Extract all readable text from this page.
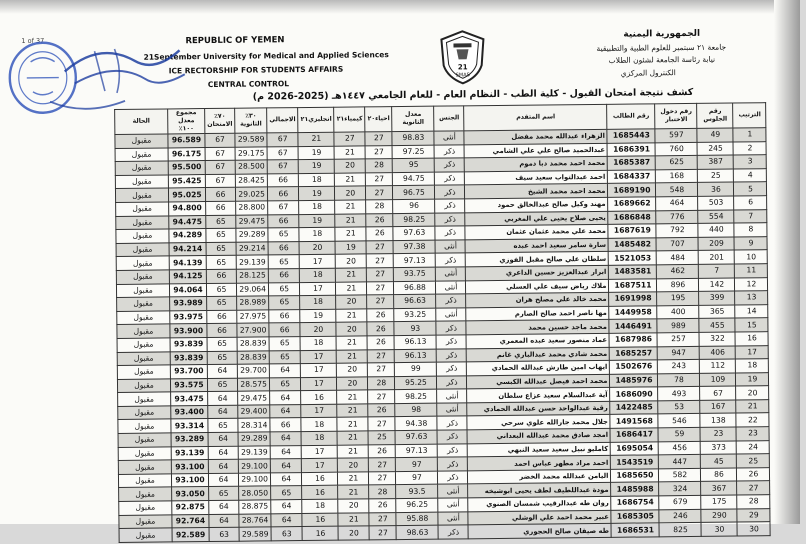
1 of 37	REPUBLIC OF YEMEN
21September University for Medical and Applied Sciences
ICE RECTORSHIP FOR STUDENTS AFFAIRS
CENTRAL CONTROL
الجمهورية اليمنية
جامعة ٢١ سبتمبر للعلوم الطبية والتطبيقية
نيابة رئاسة الجامعة لشئون الطلاب
الكنترول المركزي
21
SMAS
كشف نتيجة امتحان القبول - كلية الطب - النظام العام - للعام الجامعي ١٤٤٧هـ (2025-2026 م)
الترتيب	رقم الجلوس	رقم دخول الاختبار	رقم الطالب	اسم المتقدم	الجنس	معدل الثانوية	احياء٢٠	كيمياء٢١	انجليزي٢١	الاجمالي	٣٠٪ الثانوية	٧٠٪ الامتحان	مجموع معدل ١٠٠٪	الحالة
1	49	597	1685443	الزهراء عبدالله محمد مفضل	أنثى	98.83	27	27	21	67	29.589	67	96.589	مقبول
2	245	760	1686391	عبدالحميد صالح علي علي الشامي	ذكر	97.25	27	21	19	67	29.175	67	96.175	مقبول
3	387	625	1685387	محمد احمد محمد دبا دموم	ذكر	95	28	20	19	67	28.500	67	95.500	مقبول
4	25	168	1684337	احمد عبدالتواب سعيد سيف	ذكر	94.75	27	21	18	66	28.425	67	95.425	مقبول
5	36	548	1689190	محمد احمد محمد الشيخ	ذكر	96.75	27	20	19	66	29.025	66	95.025	مقبول
6	503	464	1689662	مهند وكيل صالح عبدالخالق حمود	ذكر	96	28	21	18	67	28.800	66	94.800	مقبول
7	554	776	1686848	يحيى صلاح يحيى علي المغربي	ذكر	98.25	26	21	19	66	29.475	65	94.475	مقبول
8	440	792	1687619	محمد علي محمد عثمان عثمان	ذكر	97.63	26	21	18	65	29.289	65	94.289	مقبول
9	209	707	1485482	سارة سامر سعيد احمد عبده	أنثى	97.38	27	19	20	66	29.214	65	94.214	مقبول
10	201	484	1521053	سلطان علي صالح مقبل الفوزي	ذكر	97.13	27	20	17	65	29.139	65	94.139	مقبول
11	7	462	1483581	ابرار عبدالعزيز حسين الداعري	أنثى	93.75	27	21	18	66	28.125	66	94.125	مقبول
12	142	896	1687511	ملاك رياض سيف علي العسلي	أنثى	96.88	27	21	17	65	29.064	65	94.064	مقبول
13	399	195	1691998	محمد خالد علي مصلح هران	ذكر	96.63	27	20	18	65	28.989	65	93.989	مقبول
14	365	400	1449958	مها ناصر احمد صالح الصارم	أنثى	93.25	26	21	19	66	27.975	66	93.975	مقبول
15	455	989	1446491	محمد ماجد حسين محمد	ذكر	93	26	20	20	66	27.900	66	93.900	مقبول
16	322	257	1687986	عماد منصور سعيد عبده المعمري	ذكر	96.13	26	21	18	65	28.839	65	93.839	مقبول
17	406	947	1685257	محمد شادي محمد عبدالباري غانم	ذكر	96.13	27	21	17	65	28.839	65	93.839	مقبول
18	112	243	1502676	ايهاب امين طارش عبدالله الحمادي	ذكر	99	27	20	17	64	29.700	64	93.700	مقبول
19	109	78	1485976	محمد احمد فيصل عبدالله الكبسي	ذكر	95.25	28	20	17	65	28.575	65	93.575	مقبول
20	67	493	1686090	آية عبدالسلام سعيد عزاع سلطان	أنثى	98.25	27	21	16	64	29.475	64	93.475	مقبول
21	167	53	1422485	رقية عبدالواحد حسن عبدالله الحمادي	أنثى	98	26	21	17	64	29.400	64	93.400	مقبول
22	138	546	1491568	جلال محمد جارالله علوي سرحي	ذكر	94.38	27	21	18	66	28.314	65	93.314	مقبول
23	23	59	1686417	امجد صادق محمد عبدالله البعداني	ذكر	97.63	25	21	18	64	29.289	64	93.289	مقبول
24	373	456	1695054	كامليو نبيل سعيد سعيد النبهي	ذكر	97.13	26	21	17	64	29.139	64	93.139	مقبول
25	45	447	1543519	احمد مراد مطهر عباس احمد	ذكر	97	27	20	17	64	29.100	64	93.100	مقبول
26	86	582	1685650	اليامن عبدالله محمد الخضر	ذكر	97	27	21	16	64	29.100	64	93.100	مقبول
27	367	324	1485988	مودة عبداللطيف لطف يحيى ابوشيخه	أنثى	93.5	28	21	16	65	28.050	65	93.050	مقبول
28	175	679	1686754	روان طه عبدالرقيب شمسان الصنوي	أنثى	96.25	26	20	18	64	28.875	64	92.875	مقبول
29	290	246	1685305	عبير محمد احمد علي الوشلي	أنثى	95.88	27	21	16	64	28.764	64	92.764	مقبول
30	30	825	1686531	طه صيقان صالح الحجوري	ذكر	98.63	27	20	16	63	29.589	63	92.589	مقبول
